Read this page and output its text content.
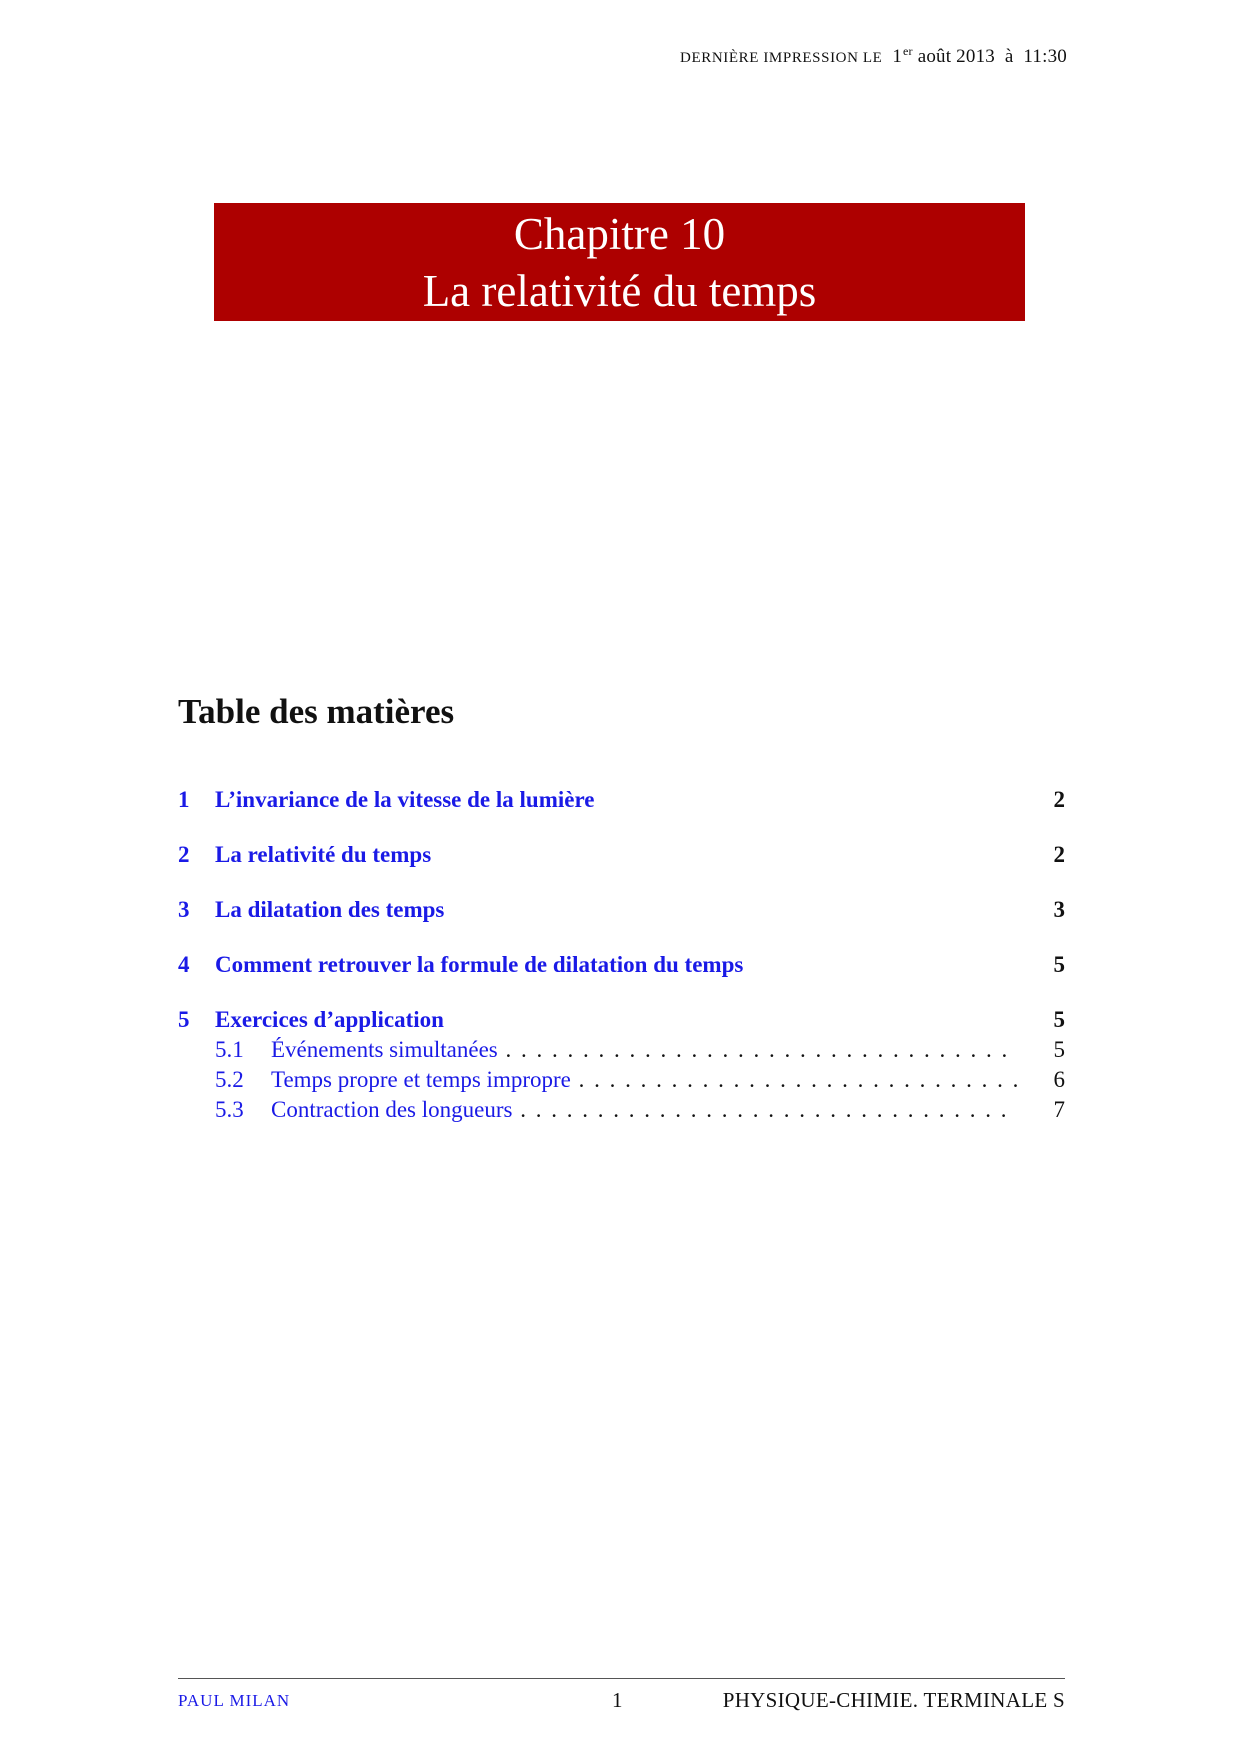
DERNIÈRE IMPRESSION LE 1er août 2013 à 11:30
Chapitre 10
La relativité du temps
Table des matières
1 L’invariance de la vitesse de la lumière	2
2 La relativité du temps	2
3 La dilatation des temps	3
4 Comment retrouver la formule de dilatation du temps	5
5 Exercices d’application	5
5.1 Événements simultanées . . .	5
5.2 Temps propre et temps impropre . . .	6
5.3 Contraction des longueurs . . .	7
PAUL MILAN	1	PHYSIQUE-CHIMIE. TERMINALE S
